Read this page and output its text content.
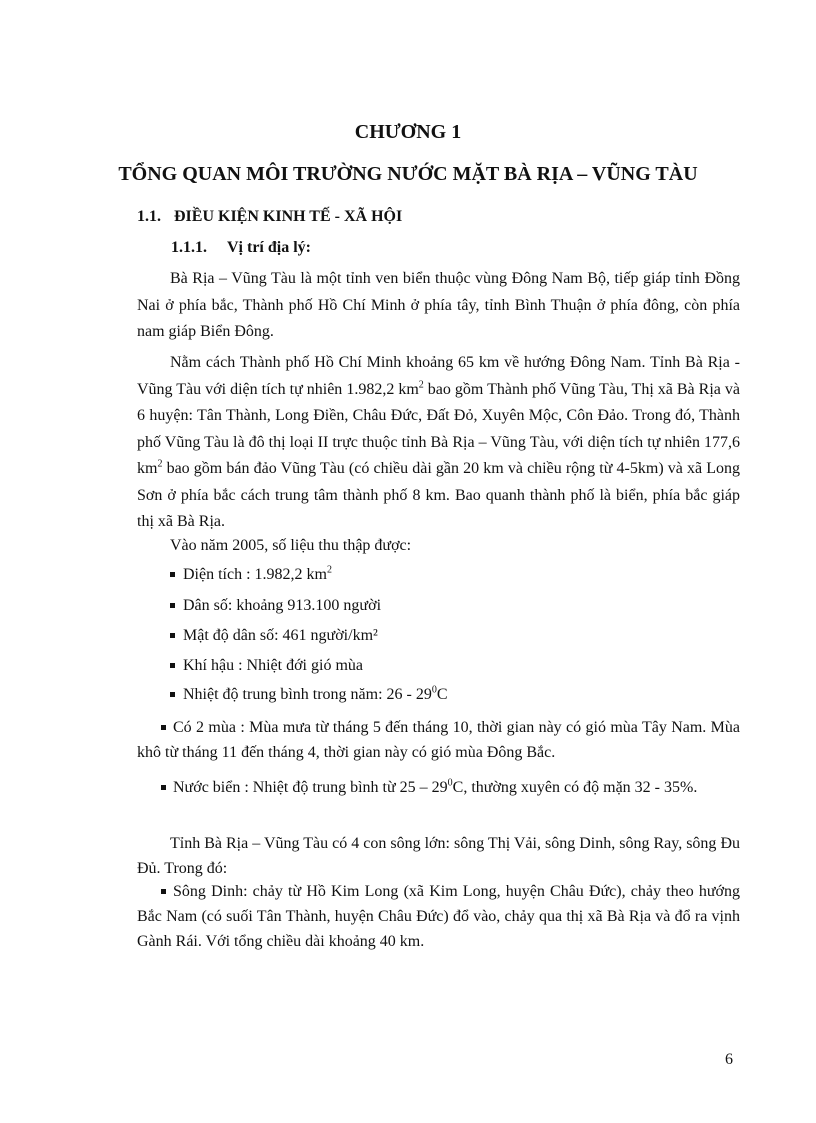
CHƯƠNG 1
TỔNG QUAN MÔI TRƯỜNG NƯỚC MẶT BÀ RỊA – VŨNG TÀU
1.1. ĐIỀU KIỆN KINH TẾ - XÃ HỘI
1.1.1. Vị trí địa lý:
Bà Rịa – Vũng Tàu là một tỉnh ven biển thuộc vùng Đông Nam Bộ, tiếp giáp tỉnh Đồng Nai ở phía bắc, Thành phố Hồ Chí Minh ở phía tây, tỉnh Bình Thuận ở phía đông, còn phía nam giáp Biển Đông.
Nằm cách Thành phố Hồ Chí Minh khoảng 65 km về hướng Đông Nam. Tỉnh Bà Rịa - Vũng Tàu với diện tích tự nhiên 1.982,2 $km^2$ bao gồm Thành phố Vũng Tàu, Thị xã Bà Rịa và 6 huyện: Tân Thành, Long Điền, Châu Đức, Đất Đỏ, Xuyên Mộc, Côn Đảo. Trong đó, Thành phố Vũng Tàu là đô thị loại II trực thuộc tỉnh Bà Rịa – Vũng Tàu, với diện tích tự nhiên 177,6 $km^2$ bao gồm bán đảo Vũng Tàu (có chiều dài gần 20 km và chiều rộng từ 4-5km) và xã Long Sơn ở phía bắc cách trung tâm thành phố 8 km. Bao quanh thành phố là biển, phía bắc giáp thị xã Bà Rịa.
Vào năm 2005, số liệu thu thập được:
Diện tích : 1.982,2 $km^2$
Dân số: khoảng 913.100 người
Mật độ dân số: 461 người/km²
Khí hậu : Nhiệt đới gió mùa
Nhiệt độ trung bình trong năm: $26 - 29^0C$
Có 2 mùa : Mùa mưa từ tháng 5 đến tháng 10, thời gian này có gió mùa Tây Nam. Mùa khô từ tháng 11 đến tháng 4, thời gian này có gió mùa Đông Bắc.
Nước biển : Nhiệt độ trung bình từ $25 - 29^0C$, thường xuyên có độ mặn 32 - 35%.
Tỉnh Bà Rịa – Vũng Tàu có 4 con sông lớn: sông Thị Vải, sông Dinh, sông Ray, sông Đu Đủ. Trong đó:
Sông Dinh: chảy từ Hồ Kim Long (xã Kim Long, huyện Châu Đức), chảy theo hướng Bắc Nam (có suối Tân Thành, huyện Châu Đức) đổ vào, chảy qua thị xã Bà Rịa và đổ ra vịnh Gành Rái. Với tổng chiều dài khoảng 40 km.
6
